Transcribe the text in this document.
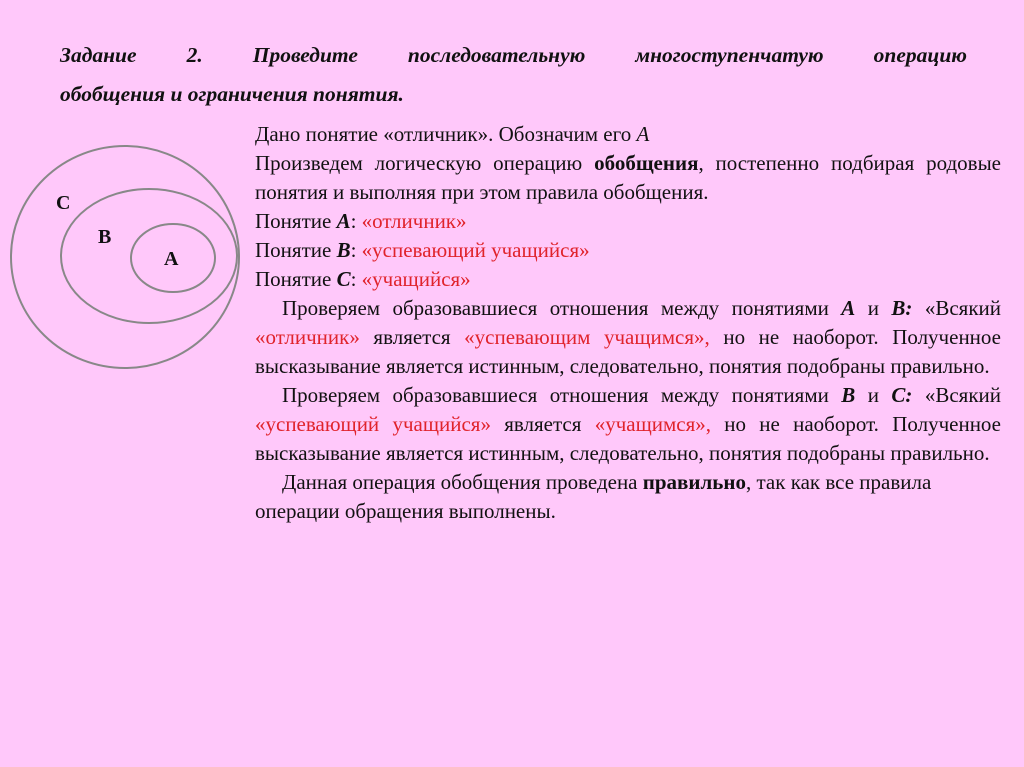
Задание 2. Проведите последовательную многоступенчатую операцию
обобщения и ограничения понятия.
C
B
A

Дано понятие «отличник». Обозначим его А

Произведем логическую операцию обобщения, постепенно подбирая родовые понятия и выполняя при этом правила обобщения.

Понятие А: «отличник»

Понятие В: «успевающий учащийся»

Понятие С: «учащийся»

Проверяем образовавшиеся отношения между понятиями А и В: «Всякий «отличник» является «успевающим учащимся», но не наоборот. Полученное высказывание является истинным, следовательно, понятия подобраны правильно.

Проверяем образовавшиеся отношения между понятиями В и С: «Всякий «успевающий учащийся» является «учащимся», но не наоборот. Полученное высказывание является истинным, следовательно, понятия подобраны правильно.

Данная операция обобщения проведена правильно, так как все правила операции обращения выполнены.
